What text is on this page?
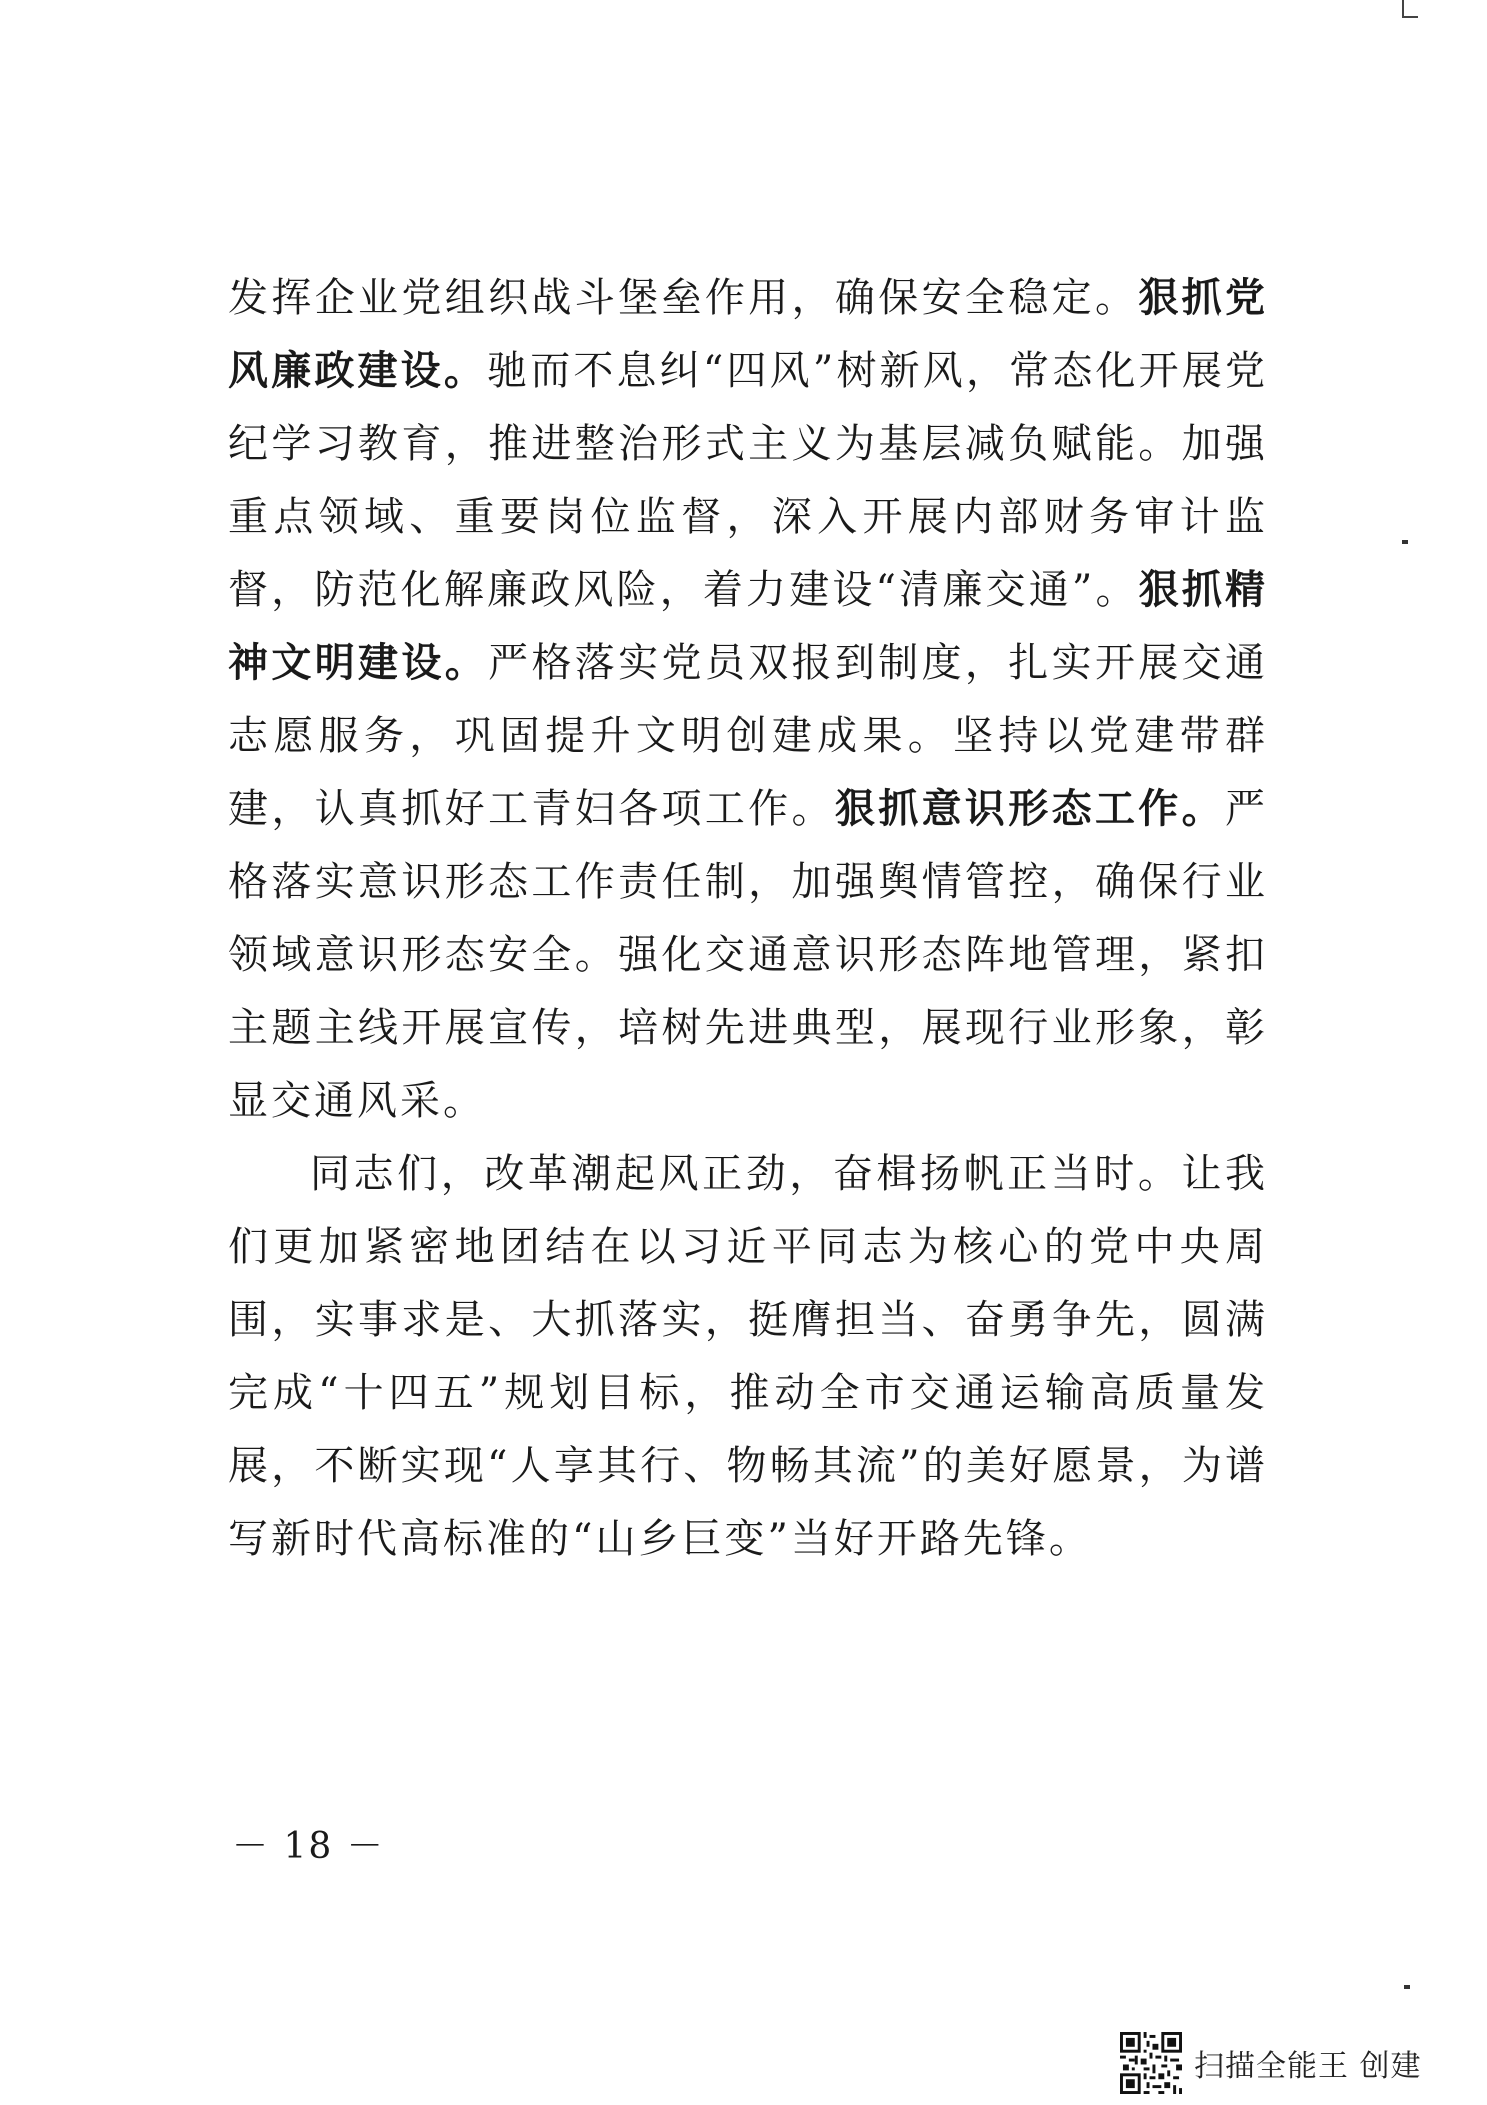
发挥企业党组织战斗堡垒作用，确保安全稳定。狠抓党风廉政建设。驰而不息纠“四风”树新风，常态化开展党纪学习教育，推进整治形式主义为基层减负赋能。加强重点领域、重要岗位监督，深入开展内部财务审计监督，防范化解廉政风险，着力建设“清廉交通”。狠抓精神文明建设。严格落实党员双报到制度，扎实开展交通志愿服务，巩固提升文明创建成果。坚持以党建带群建，认真抓好工青妇各项工作。狠抓意识形态工作。严格落实意识形态工作责任制，加强舆情管控，确保行业领域意识形态安全。强化交通意识形态阵地管理，紧扣主题主线开展宣传，培树先进典型，展现行业形象，彰显交通风采。

同志们，改革潮起风正劲，奋楫扬帆正当时。让我们更加紧密地团结在以习近平同志为核心的党中央周围，实事求是、大抓落实，挺膺担当、奋勇争先，圆满完成“十四五”规划目标，推动全市交通运输高质量发展，不断实现“人享其行、物畅其流”的美好愿景，为谱写新时代高标准的“山乡巨变”当好开路先锋。

－ 18 －
扫描全能王 创建
